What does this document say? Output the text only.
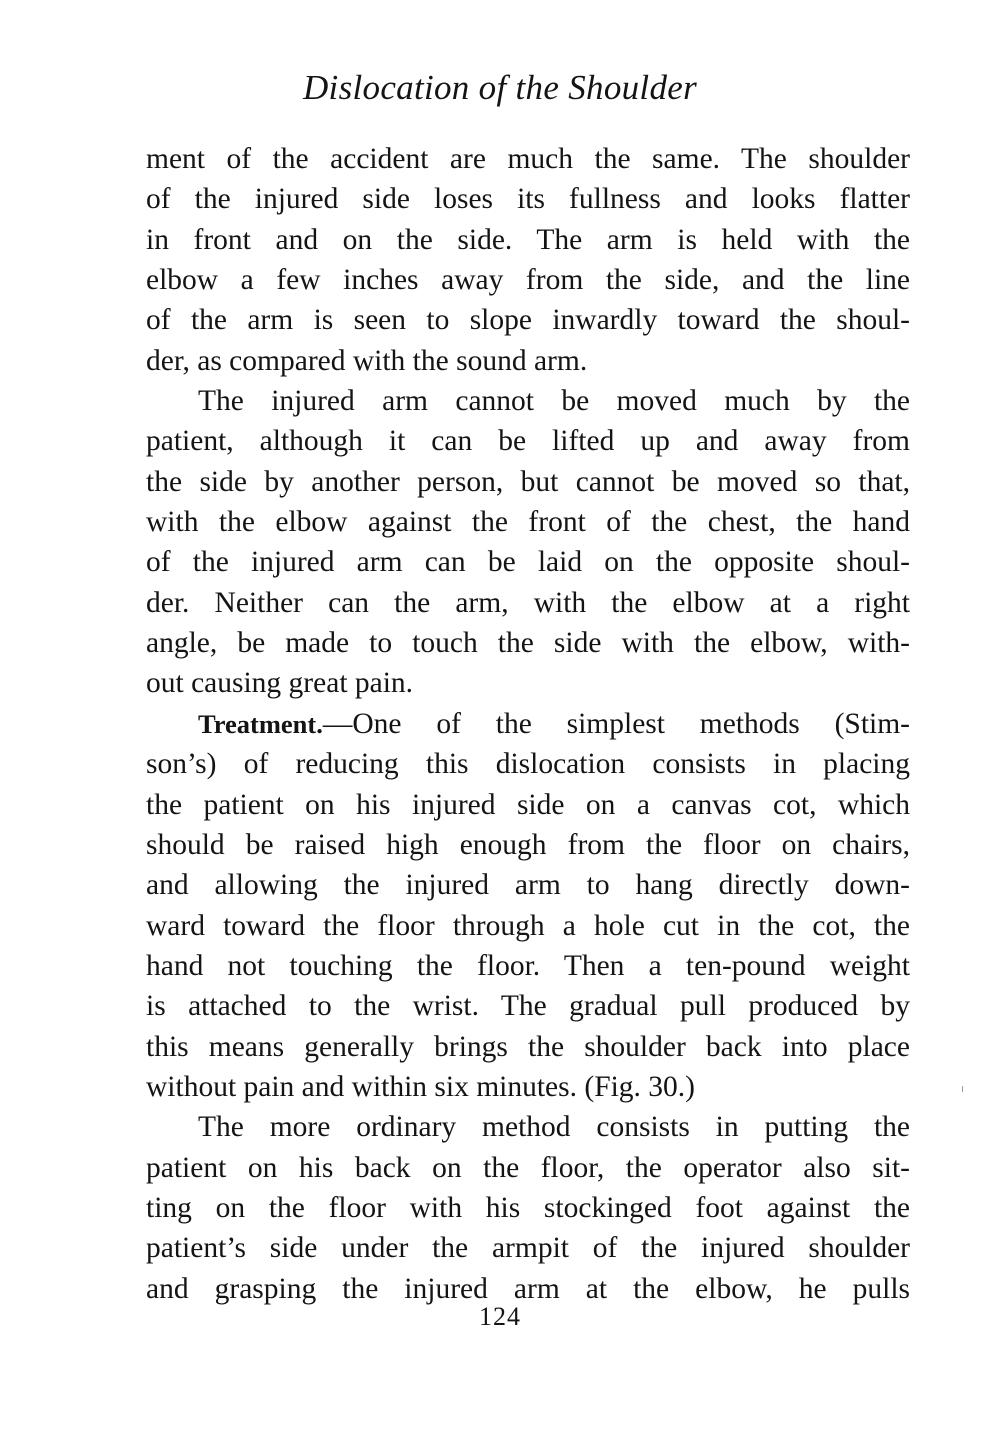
Dislocation of the Shoulder
ment of the accident are much the same. The shoulder
of the injured side loses its fullness and looks flatter
in front and on the side. The arm is held with the
elbow a few inches away from the side, and the line
of the arm is seen to slope inwardly toward the shoul-
der, as compared with the sound arm.
The injured arm cannot be moved much by the
patient, although it can be lifted up and away from
the side by another person, but cannot be moved so that,
with the elbow against the front of the chest, the hand
of the injured arm can be laid on the opposite shoul-
der. Neither can the arm, with the elbow at a right
angle, be made to touch the side with the elbow, with-
out causing great pain.
Treatment.—One of the simplest methods (Stim-
son’s) of reducing this dislocation consists in placing
the patient on his injured side on a canvas cot, which
should be raised high enough from the floor on chairs,
and allowing the injured arm to hang directly down-
ward toward the floor through a hole cut in the cot, the
hand not touching the floor. Then a ten-pound weight
is attached to the wrist. The gradual pull produced by
this means generally brings the shoulder back into place
without pain and within six minutes. (Fig. 30.)
The more ordinary method consists in putting the
patient on his back on the floor, the operator also sit-
ting on the floor with his stockinged foot against the
patient’s side under the armpit of the injured shoulder
and grasping the injured arm at the elbow, he pulls
124
